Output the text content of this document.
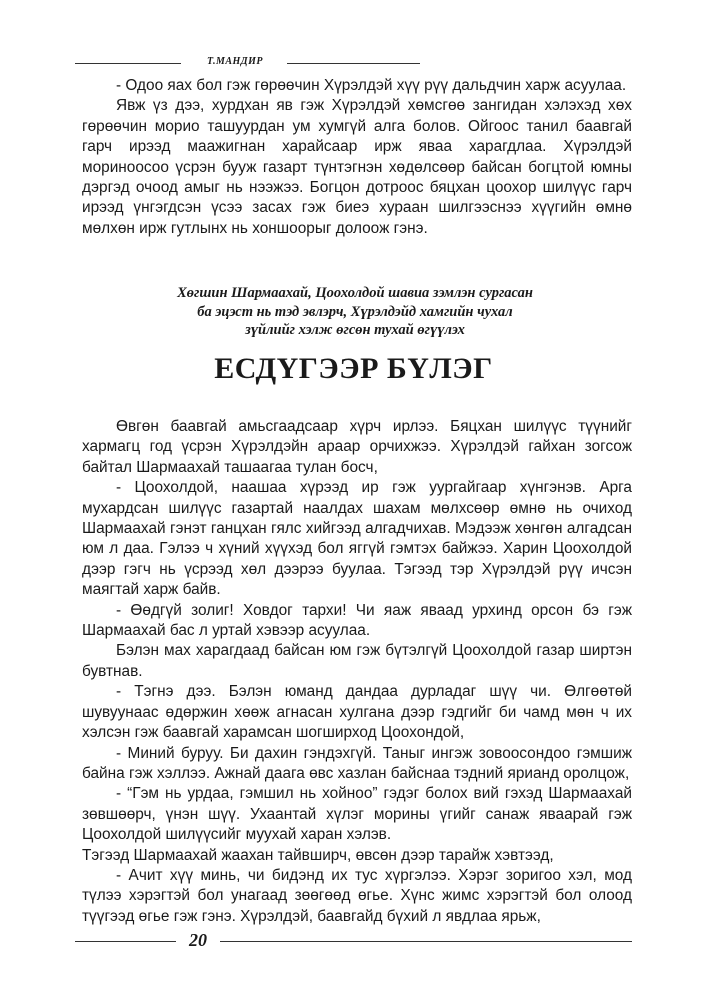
Т.МАНДИР

- Одоо яах бол гэж гөрөөчин Хүрэлдэй хүү рүү дальдчин харж асуулаа.

Явж үз дээ, хурдхан яв гэж Хүрэлдэй хөмсгөө зангидан хэлэхэд хөх гөрөөчин морио ташуурдан ум хумгүй алга болов. Ойгоос танил баавгай гарч ирээд маажигнан харайсаар ирж яваа харагдлаа. Хүрэлдэй мориноосоо үсрэн бууж газарт түнтэгнэн хөдөлсөөр байсан богцтой юмны дэргэд очоод амыг нь нээжээ. Богцон дотроос бяцхан цоохор шилүүс гарч ирээд үнгэгдсэн үсээ засах гэж биеэ хураан шилгээснээ хүүгийн өмнө мөлхөн ирж гутлынх нь хоншоорыг долоож гэнэ.

Хөгшин Шармаахай, Цоохолдой шавиа зэмлэн сургасан
ба эцэст нь тэд эвлэрч, Хүрэлдэйд хамгийн чухал
зүйлийг хэлж өгсөн тухай өгүүлэх
ЕСДҮГЭЭР БҮЛЭГ

Өвгөн баавгай амьсгаадсаар хүрч ирлээ. Бяцхан шилүүс түүнийг хармагц год үсрэн Хүрэлдэйн араар орчихжээ. Хүрэлдэй гайхан зогсож байтал Шармаахай ташаагаа тулан босч,

- Цоохолдой, наашаа хүрээд ир гэж уургайгаар хүнгэнэв. Арга мухардсан шилүүс газартай наалдах шахам мөлхсөөр өмнө нь очиход Шармаахай гэнэт ганцхан гялс хийгээд алгадчихав. Мэдээж хөнгөн алгадсан юм л даа. Гэлээ ч хүний хүүхэд бол яггүй гэмтэх байжээ. Харин Цоохолдой дээр гэгч нь үсрээд хөл дээрээ буулаа. Тэгээд тэр Хүрэлдэй рүү ичсэн маягтай харж байв.

- Өөдгүй золиг! Ховдог тархи! Чи яаж яваад урхинд орсон бэ гэж Шармаахай бас л уртай хэвээр асуулаа.

Бэлэн мах харагдаад байсан юм гэж бүтэлгүй Цоохолдой газар ширтэн бувтнав.

- Тэгнэ дээ. Бэлэн юманд дандаа дурладаг шүү чи. Өлгөөтөй шувуунаас өдөржин хөөж агнасан хулгана дээр гэдгийг би чамд мөн ч их хэлсэн гэж баавгай харамсан шогширход Цоохондой,

- Миний буруу. Би дахин гэндэхгүй. Таныг ингэж зовоосондоо гэмшиж байна гэж хэллээ. Ажнай даага өвс хазлан байснаа тэдний яриaнд оролцож,

- “Гэм нь урдаа, гэмшил нь хойноо” гэдэг болох вий гэхэд Шармаахай зөвшөөрч, үнэн шүү. Ухаантай хүлэг морины үгийг санаж яваарай гэж Цоохолдой шилүүсийг муухай харан хэлэв.

Тэгээд Шармаахай жаахан тайвширч, өвсөн дээр тарайж хэвтээд,

- Ачит хүү минь, чи бидэнд их тус хүргэлээ. Хэрэг зоригоо хэл, мод түлээ хэрэгтэй бол унагаад зөөгөөд өгье. Хүнс жимс хэрэгтэй бол олоод түүгээд өгье гэж гэнэ. Хүрэлдэй, баавгайд бүхий л явдлаа ярьж,

20
